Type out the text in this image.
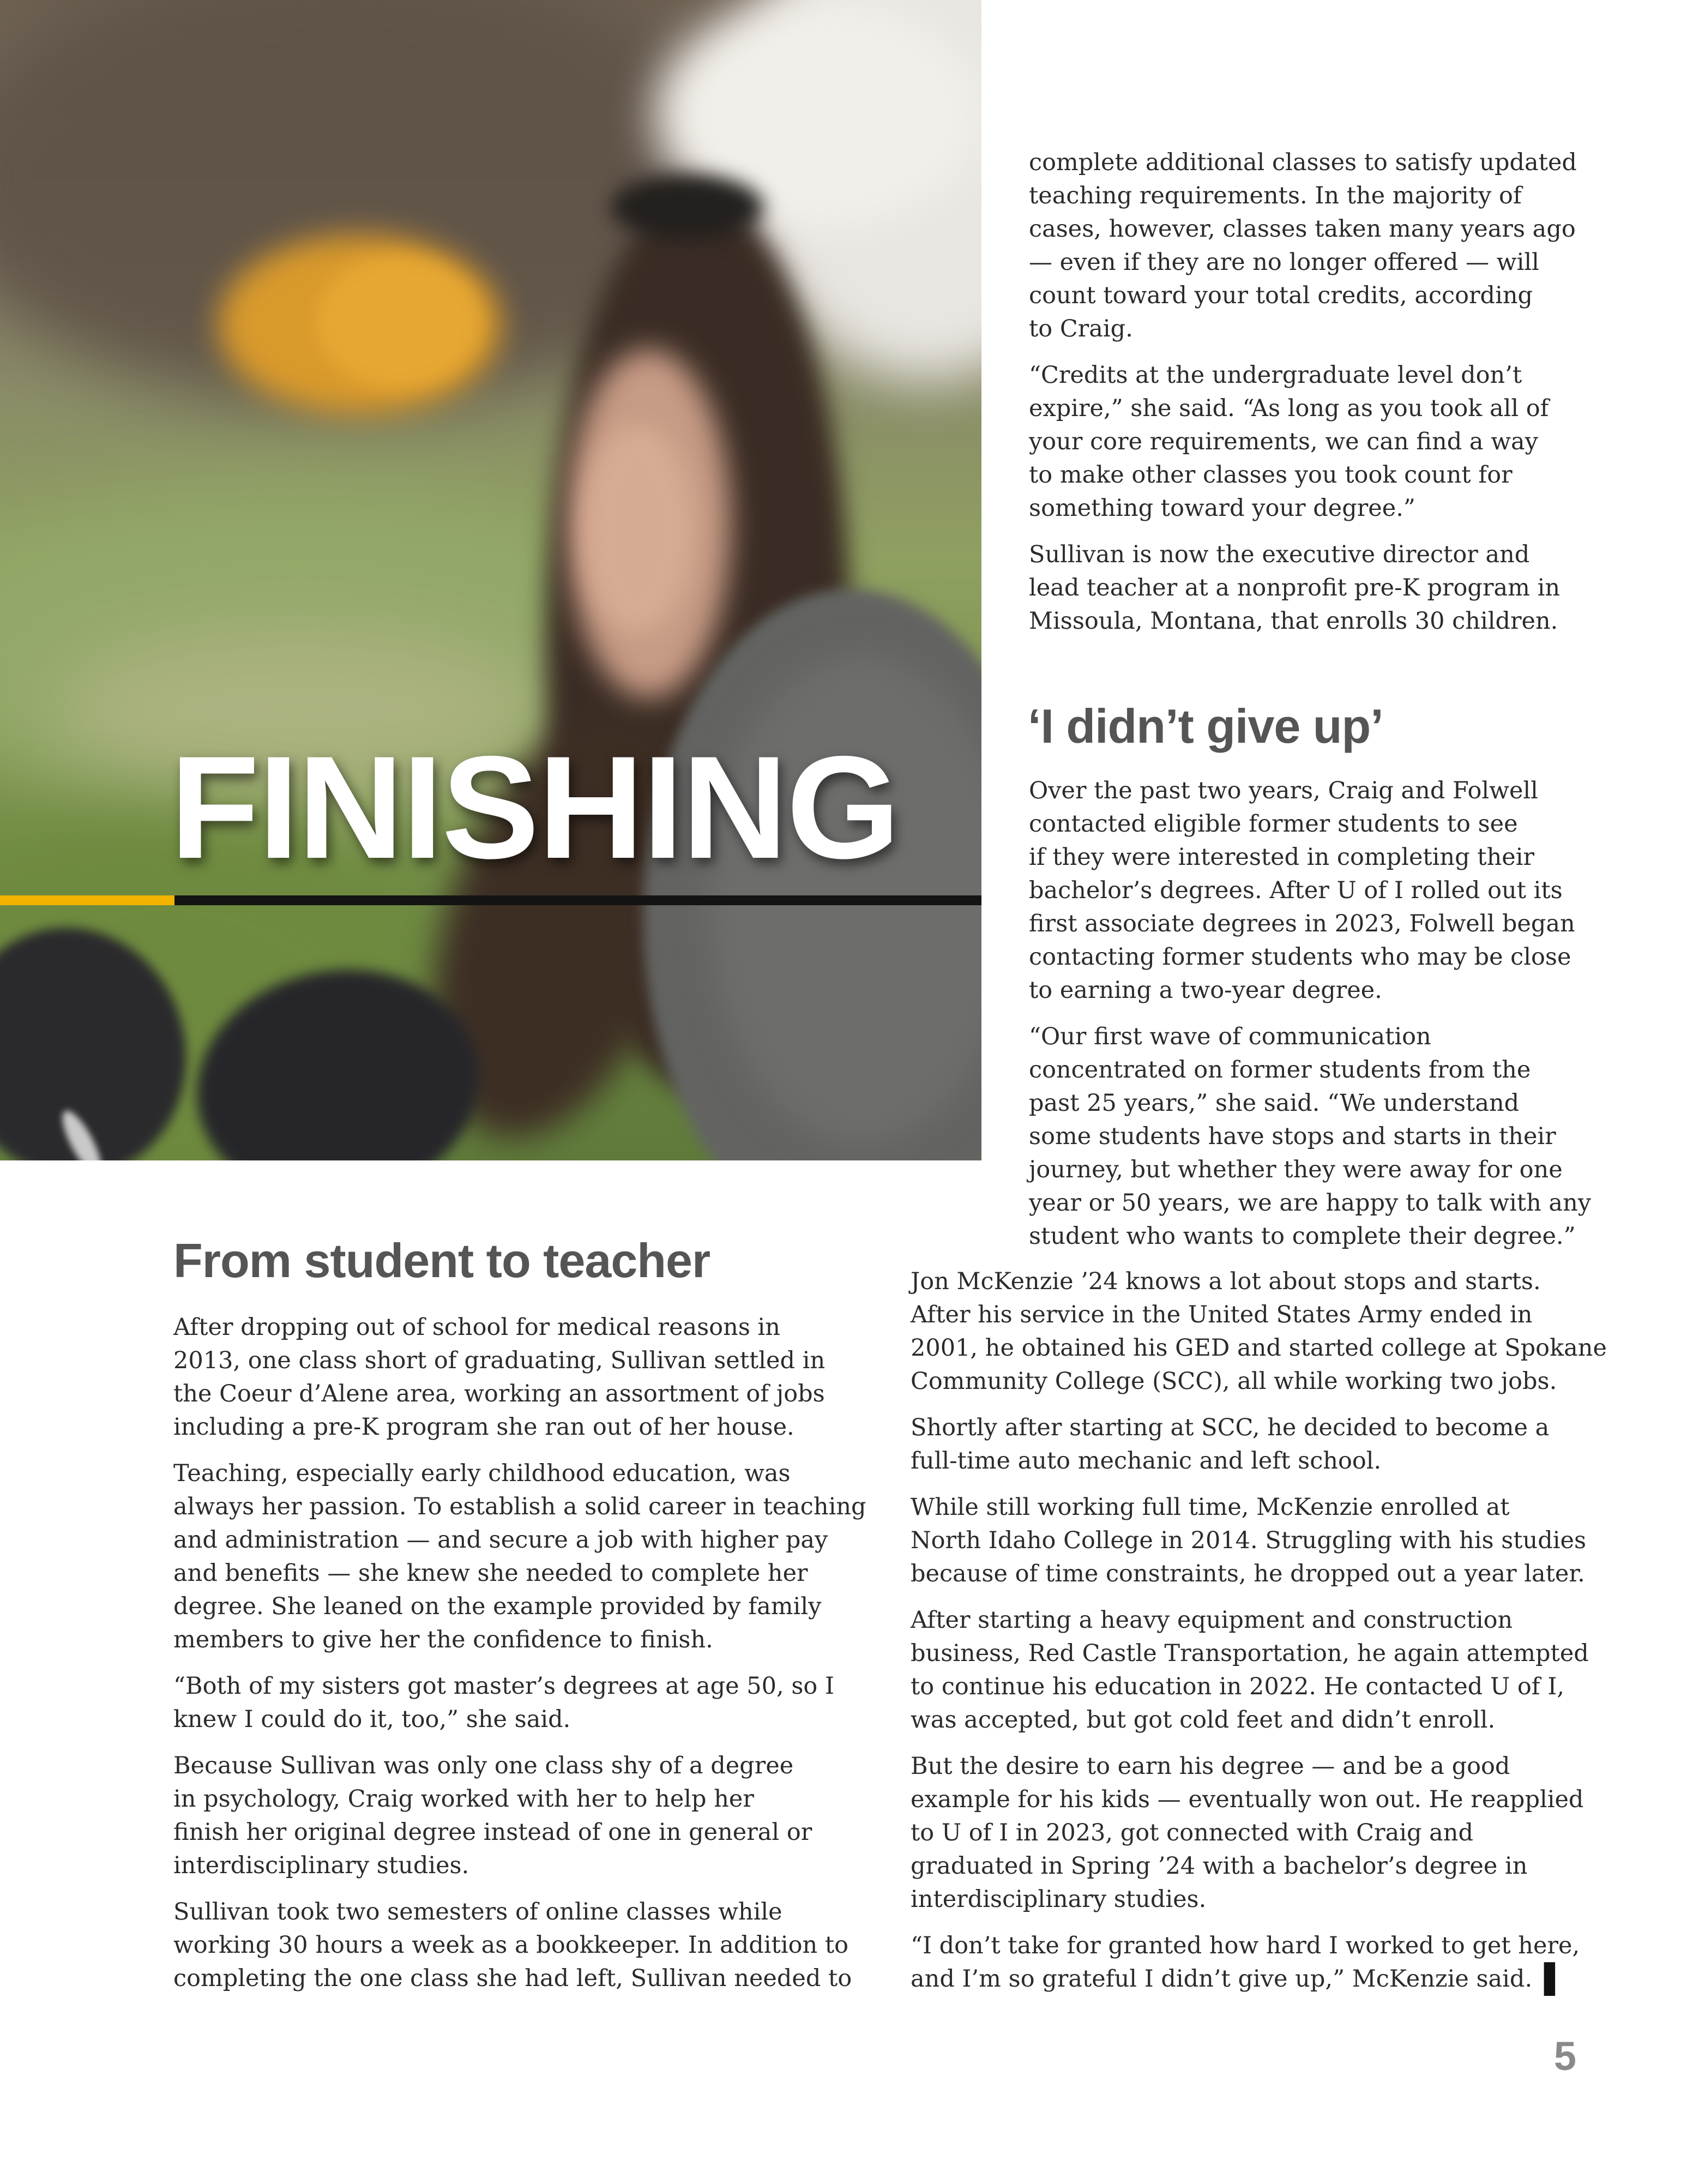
FINISHING

complete additional classes to satisfy updated
teaching requirements. In the majority of
cases, however, classes taken many years ago
— even if they are no longer offered — will
count toward your total credits, according
to Craig.

“Credits at the undergraduate level don’t
expire,” she said. “As long as you took all of
your core requirements, we can find a way
to make other classes you took count for
something toward your degree.”

Sullivan is now the executive director and
lead teacher at a nonprofit pre-K program in
Missoula, Montana, that enrolls 30 children.

‘I didn’t give up’

Over the past two years, Craig and Folwell
contacted eligible former students to see
if they were interested in completing their
bachelor’s degrees. After U of I rolled out its
first associate degrees in 2023, Folwell began
contacting former students who may be close
to earning a two-year degree.

“Our first wave of communication
concentrated on former students from the
past 25 years,” she said. “We understand
some students have stops and starts in their
journey, but whether they were away for one
year or 50 years, we are happy to talk with any
student who wants to complete their degree.”

From student to teacher

After dropping out of school for medical reasons in
2013, one class short of graduating, Sullivan settled in
the Coeur d’Alene area, working an assortment of jobs
including a pre-K program she ran out of her house.

Teaching, especially early childhood education, was
always her passion. To establish a solid career in teaching
and administration — and secure a job with higher pay
and benefits — she knew she needed to complete her
degree. She leaned on the example provided by family
members to give her the confidence to finish.

“Both of my sisters got master’s degrees at age 50, so I
knew I could do it, too,” she said.

Because Sullivan was only one class shy of a degree
in psychology, Craig worked with her to help her
finish her original degree instead of one in general or
interdisciplinary studies.

Sullivan took two semesters of online classes while
working 30 hours a week as a bookkeeper. In addition to
completing the one class she had left, Sullivan needed to

Jon McKenzie ’24 knows a lot about stops and starts.
After his service in the United States Army ended in
2001, he obtained his GED and started college at Spokane
Community College (SCC), all while working two jobs.

Shortly after starting at SCC, he decided to become a
full-time auto mechanic and left school.

While still working full time, McKenzie enrolled at
North Idaho College in 2014. Struggling with his studies
because of time constraints, he dropped out a year later.

After starting a heavy equipment and construction
business, Red Castle Transportation, he again attempted
to continue his education in 2022. He contacted U of I,
was accepted, but got cold feet and didn’t enroll.

But the desire to earn his degree — and be a good
example for his kids — eventually won out. He reapplied
to U of I in 2023, got connected with Craig and
graduated in Spring ’24 with a bachelor’s degree in
interdisciplinary studies.

“I don’t take for granted how hard I worked to get here,
and I’m so grateful I didn’t give up,” McKenzie said. ▌

5
